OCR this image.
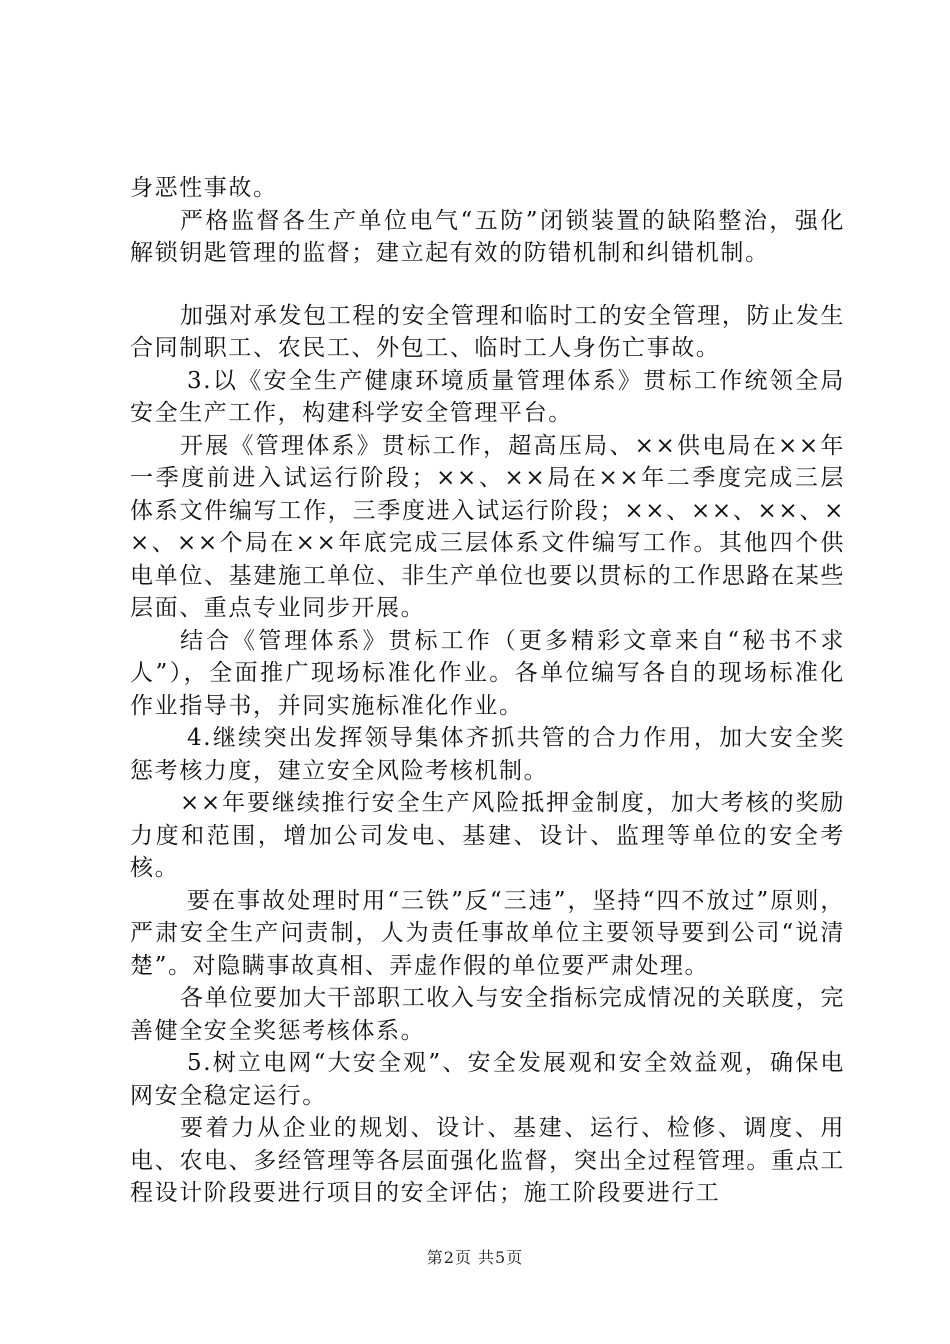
身恶性事故。

严格监督各生产单位电气“五防”闭锁装置的缺陷整治，强化解锁钥匙管理的监督；建立起有效的防错机制和纠错机制。

加强对承发包工程的安全管理和临时工的安全管理，防止发生合同制职工、农民工、外包工、临时工人身伤亡事故。

3.以《安全生产健康环境质量管理体系》贯标工作统领全局安全生产工作，构建科学安全管理平台。

开展《管理体系》贯标工作，超高压局、××供电局在××年一季度前进入试运行阶段；××、××局在××年二季度完成三层体系文件编写工作，三季度进入试运行阶段；××、××、××、××、××个局在××年底完成三层体系文件编写工作。其他四个供电单位、基建施工单位、非生产单位也要以贯标的工作思路在某些层面、重点专业同步开展。

结合《管理体系》贯标工作（更多精彩文章来自“秘书不求人”），全面推广现场标准化作业。各单位编写各自的现场标准化作业指导书，并同实施标准化作业。

4.继续突出发挥领导集体齐抓共管的合力作用，加大安全奖惩考核力度，建立安全风险考核机制。

××年要继续推行安全生产风险抵押金制度，加大考核的奖励力度和范围，增加公司发电、基建、设计、监理等单位的安全考核。

要在事故处理时用“三铁”反“三违”，坚持“四不放过”原则，严肃安全生产问责制，人为责任事故单位主要领导要到公司“说清楚”。对隐瞒事故真相、弄虚作假的单位要严肃处理。

各单位要加大干部职工收入与安全指标完成情况的关联度，完善健全安全奖惩考核体系。

5.树立电网“大安全观”、安全发展观和安全效益观，确保电网安全稳定运行。

要着力从企业的规划、设计、基建、运行、检修、调度、用电、农电、多经管理等各层面强化监督，突出全过程管理。重点工程设计阶段要进行项目的安全评估；施工阶段要进行工

第2页 共5页
